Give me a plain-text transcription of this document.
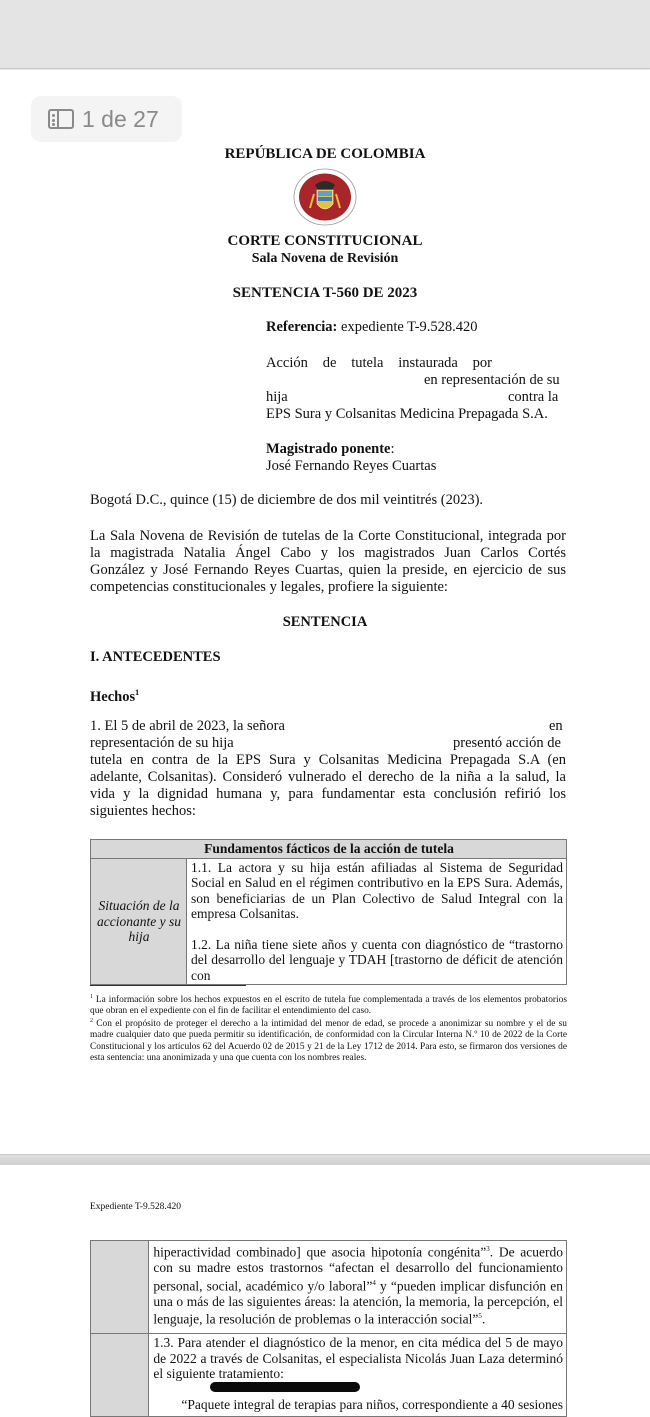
1 de 27
REPÚBLICA DE COLOMBIA
CORTE CONSTITUCIONAL
Sala Novena de Revisión
SENTENCIA T-560 DE 2023
Referencia: expediente T-9.528.420
Acción de tutela instaurada por
en representación de su
hija	contra la
EPS Sura y Colsanitas Medicina Prepagada S.A.
Magistrado ponente:
José Fernando Reyes Cuartas
Bogotá D.C., quince (15) de diciembre de dos mil veintitrés (2023).
La Sala Novena de Revisión de tutelas de la Corte Constitucional, integrada por
la magistrada Natalia Ángel Cabo y los magistrados Juan Carlos Cortés
González y José Fernando Reyes Cuartas, quien la preside, en ejercicio de sus
competencias constitucionales y legales, profiere la siguiente:
SENTENCIA
I. ANTECEDENTES
Hechos$^1$
1. El 5 de abril de 2023, la señora	en
representación de su hija	presentó acción de
tutela en contra de la EPS Sura y Colsanitas Medicina Prepagada S.A (en
adelante, Colsanitas). Consideró vulnerado el derecho de la niña a la salud, la
vida y la dignidad humana y, para fundamentar esta conclusión refirió los
siguientes hechos:
Fundamentos fácticos de la acción de tutela
Situación de la accionante y su hija	
1.1. La actora y su hija están afiliadas al Sistema de Seguridad Social en Salud en el régimen contributivo en la EPS Sura. Además, son beneficiarias de un Plan Colectivo de Salud Integral con la empresa Colsanitas.
1.2. La niña tiene siete años y cuenta con diagnóstico de “trastorno del desarrollo del lenguaje y TDAH [trastorno de déficit de atención con
$^1$ La información sobre los hechos expuestos en el escrito de tutela fue complementada a través de los elementos probatorios que obran en el expediente con el fin de facilitar el entendimiento del caso.
$^2$ Con el propósito de proteger el derecho a la intimidad del menor de edad, se procede a anonimizar su nombre y el de su madre cualquier dato que pueda permitir su identificación, de conformidad con la Circular Interna N.º 10 de 2022 de la Corte Constitucional y los artículos 62 del Acuerdo 02 de 2015 y 21 de la Ley 1712 de 2014. Para esto, se firmaron dos versiones de esta sentencia: una anonimizada y una que cuenta con los nombres reales.
Expediente T-9.528.420
	hiperactividad combinado] que asocia hipotonía congénita”$^3$. De acuerdo con su madre estos trastornos “afectan el desarrollo del funcionamiento personal, social, académico y/o laboral”$^4$ y “pueden implicar disfunción en una o más de las siguientes áreas: la atención, la memoria, la percepción, el lenguaje, la resolución de problemas o la interacción social”$^5$.

	1.3. Para atender el diagnóstico de la menor, en cita médica del 5 de mayo de 2022 a través de Colsanitas, el especialista Nicolás Juan Laza determinó el siguiente tratamiento:
“Paquete integral de terapias para niños, correspondiente a 40 sesiones
